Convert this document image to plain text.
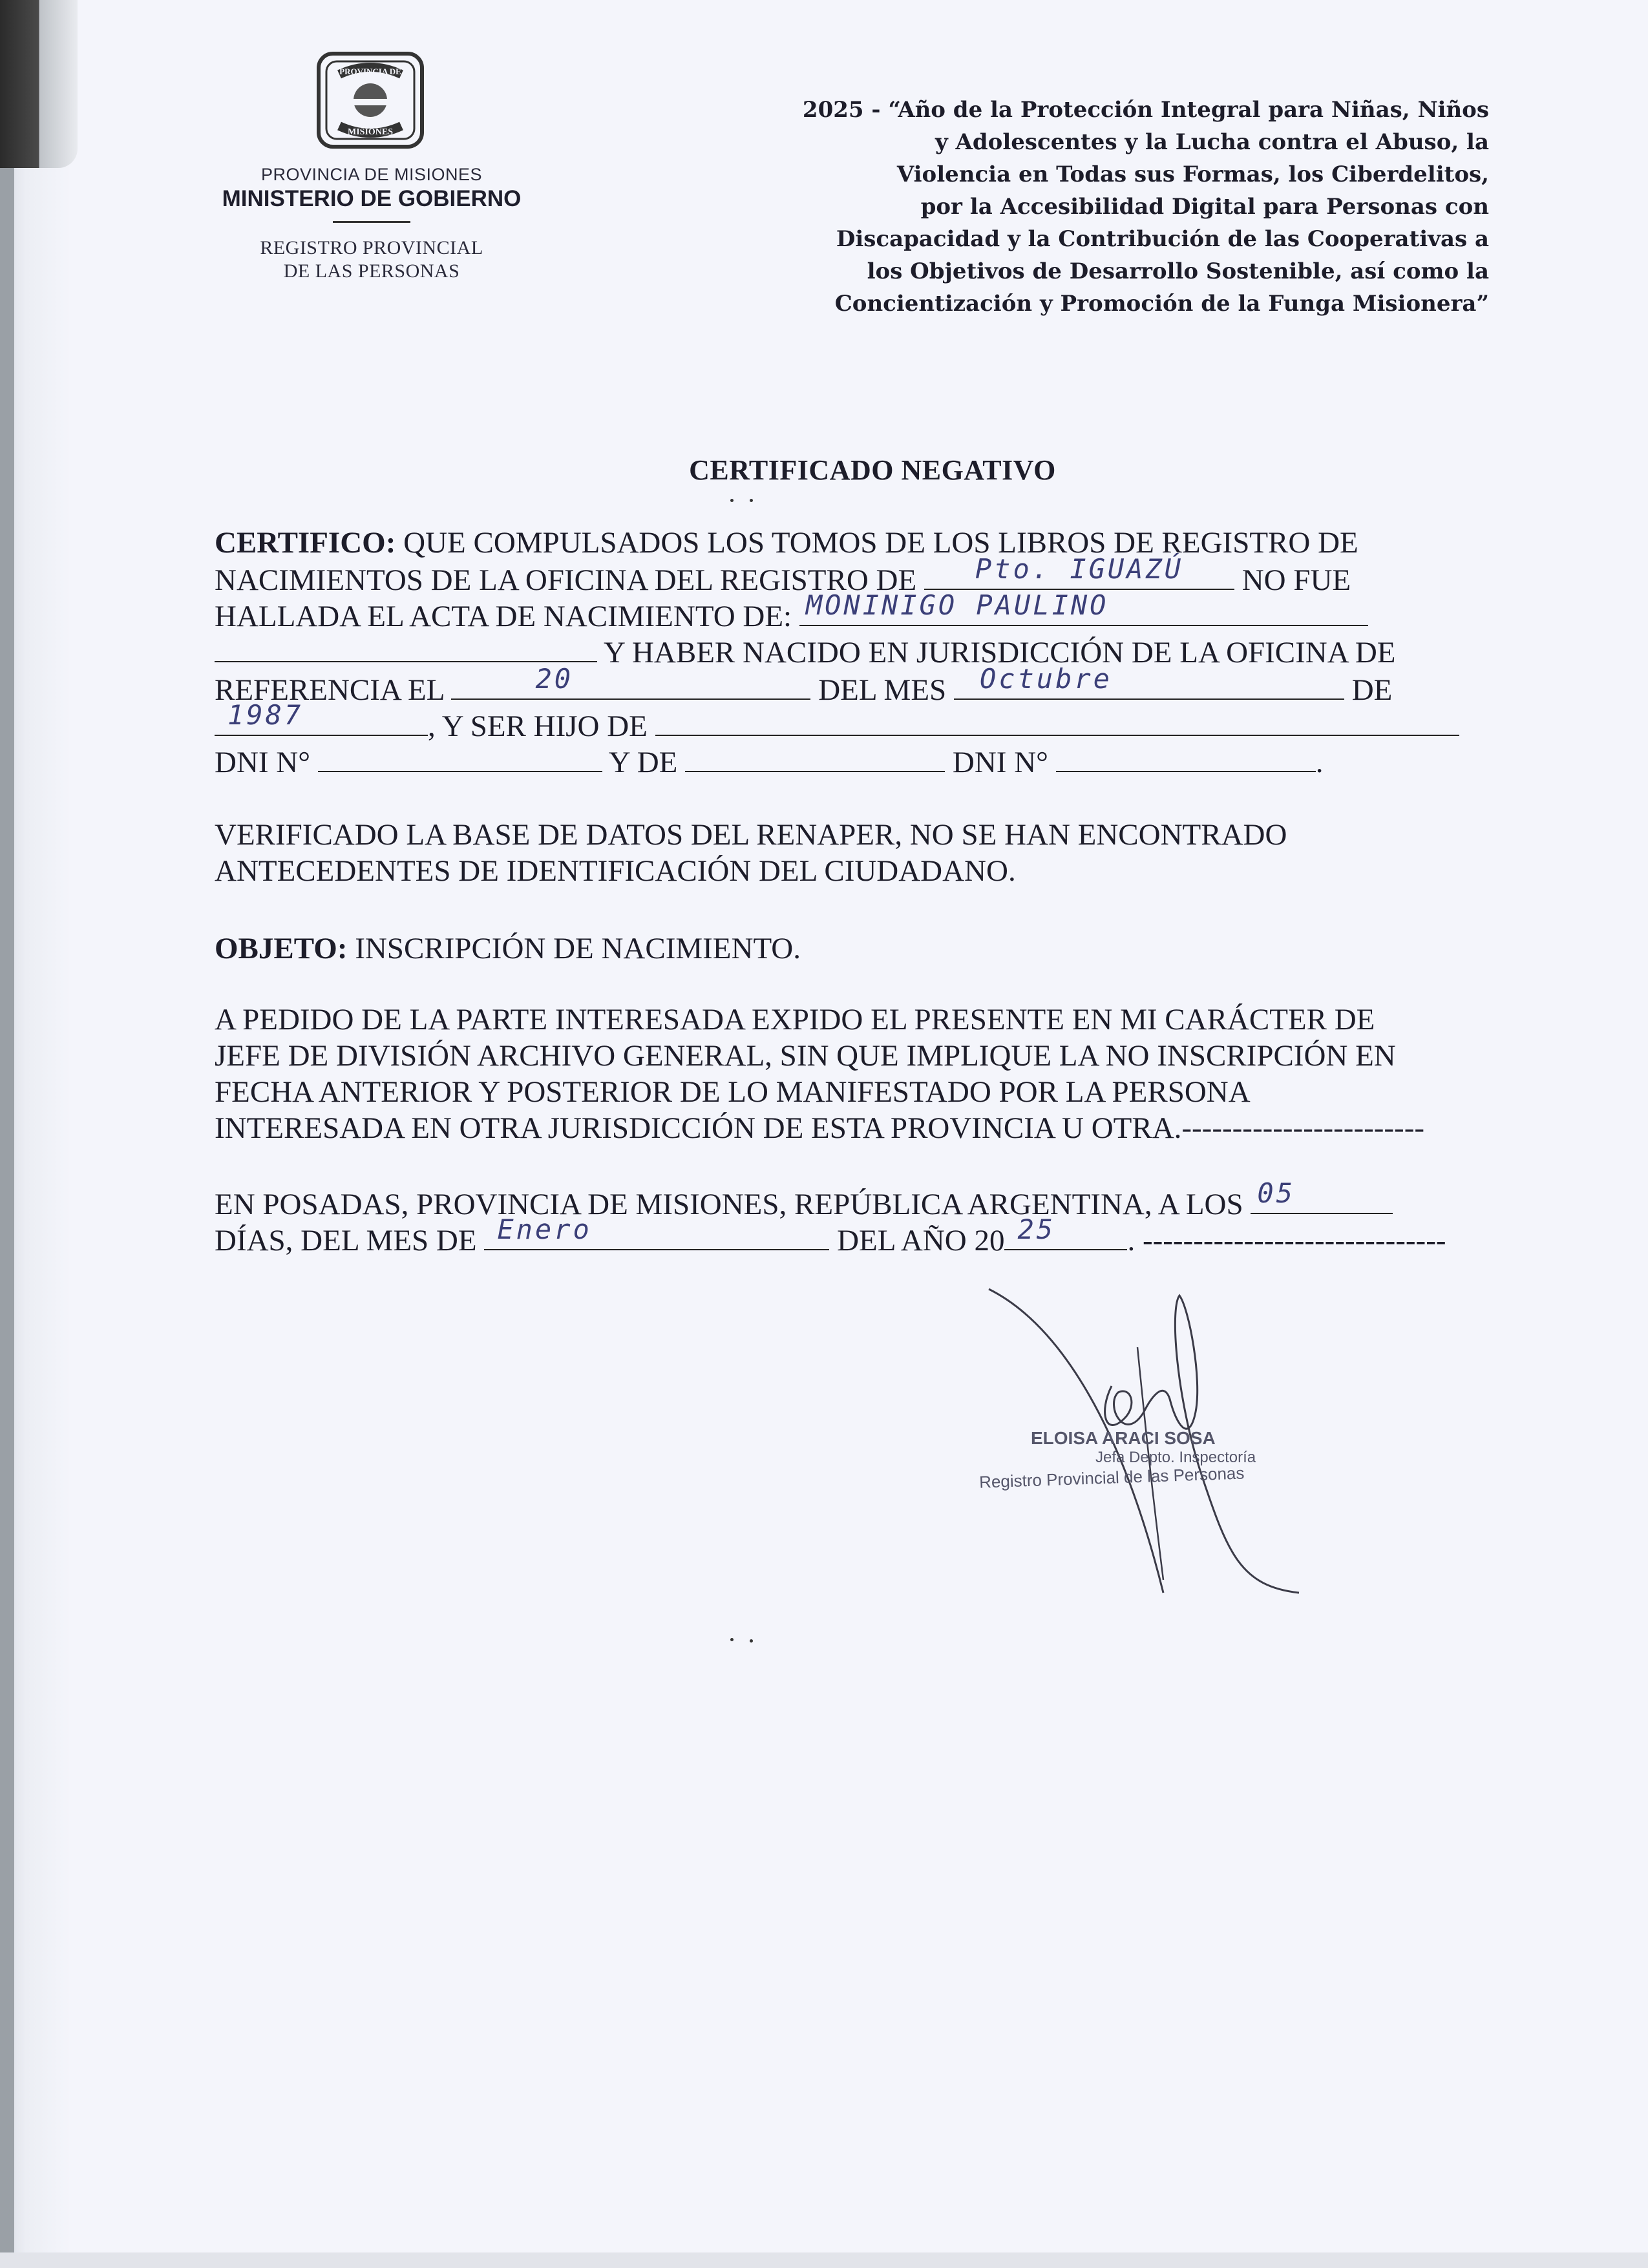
PROVINCIA DE
MISIONES
PROVINCIA DE MISIONES
MINISTERIO DE GOBIERNO
REGISTRO PROVINCIAL
DE LAS PERSONAS
2025 - “Año de la Protección Integral para Niñas, Niños
y Adolescentes y la Lucha contra el Abuso, la
Violencia en Todas sus Formas, los Ciberdelitos,
por la Accesibilidad Digital para Personas con
Discapacidad y la Contribución de las Cooperativas a
los Objetivos de Desarrollo Sostenible, así como la
Concientización y Promoción de la Funga Misionera”
CERTIFICADO NEGATIVO
CERTIFICO: QUE COMPULSADOS LOS TOMOS DE LOS LIBROS DE REGISTRO DE
NACIMIENTOS DE LA OFICINA DEL REGISTRO DE	Pto. IGUAZÚ	NO FUE
HALLADA EL ACTA DE NACIMIENTO DE: MONINIGO PAULINO
Y HABER NACIDO EN JURISDICCIÓN DE LA OFICINA DE
REFERENCIA EL	20	DEL MES	Octubre	DE
1987	, Y SER HIJO DE
DNI N°	Y DE	DNI N°	.
VERIFICADO LA BASE DE DATOS DEL RENAPER, NO SE HAN ENCONTRADO
ANTECEDENTES DE IDENTIFICACIÓN DEL CIUDADANO.
OBJETO: INSCRIPCIÓN DE NACIMIENTO.
A PEDIDO DE LA PARTE INTERESADA EXPIDO EL PRESENTE EN MI CARÁCTER DE
JEFE DE DIVISIÓN ARCHIVO GENERAL, SIN QUE IMPLIQUE LA NO INSCRIPCIÓN EN
FECHA ANTERIOR Y POSTERIOR DE LO MANIFESTADO POR LA PERSONA
INTERESADA EN OTRA JURISDICCIÓN DE ESTA PROVINCIA U OTRA.------------------------
EN POSADAS, PROVINCIA DE MISIONES, REPÚBLICA ARGENTINA, A LOS 05
DÍAS, DEL MES DE Enero	DEL AÑO 20 25	. ------------------------------
ELOISA ARACI SOSA
Jefa Depto. Inspectoría
Registro Provincial de las Personas
